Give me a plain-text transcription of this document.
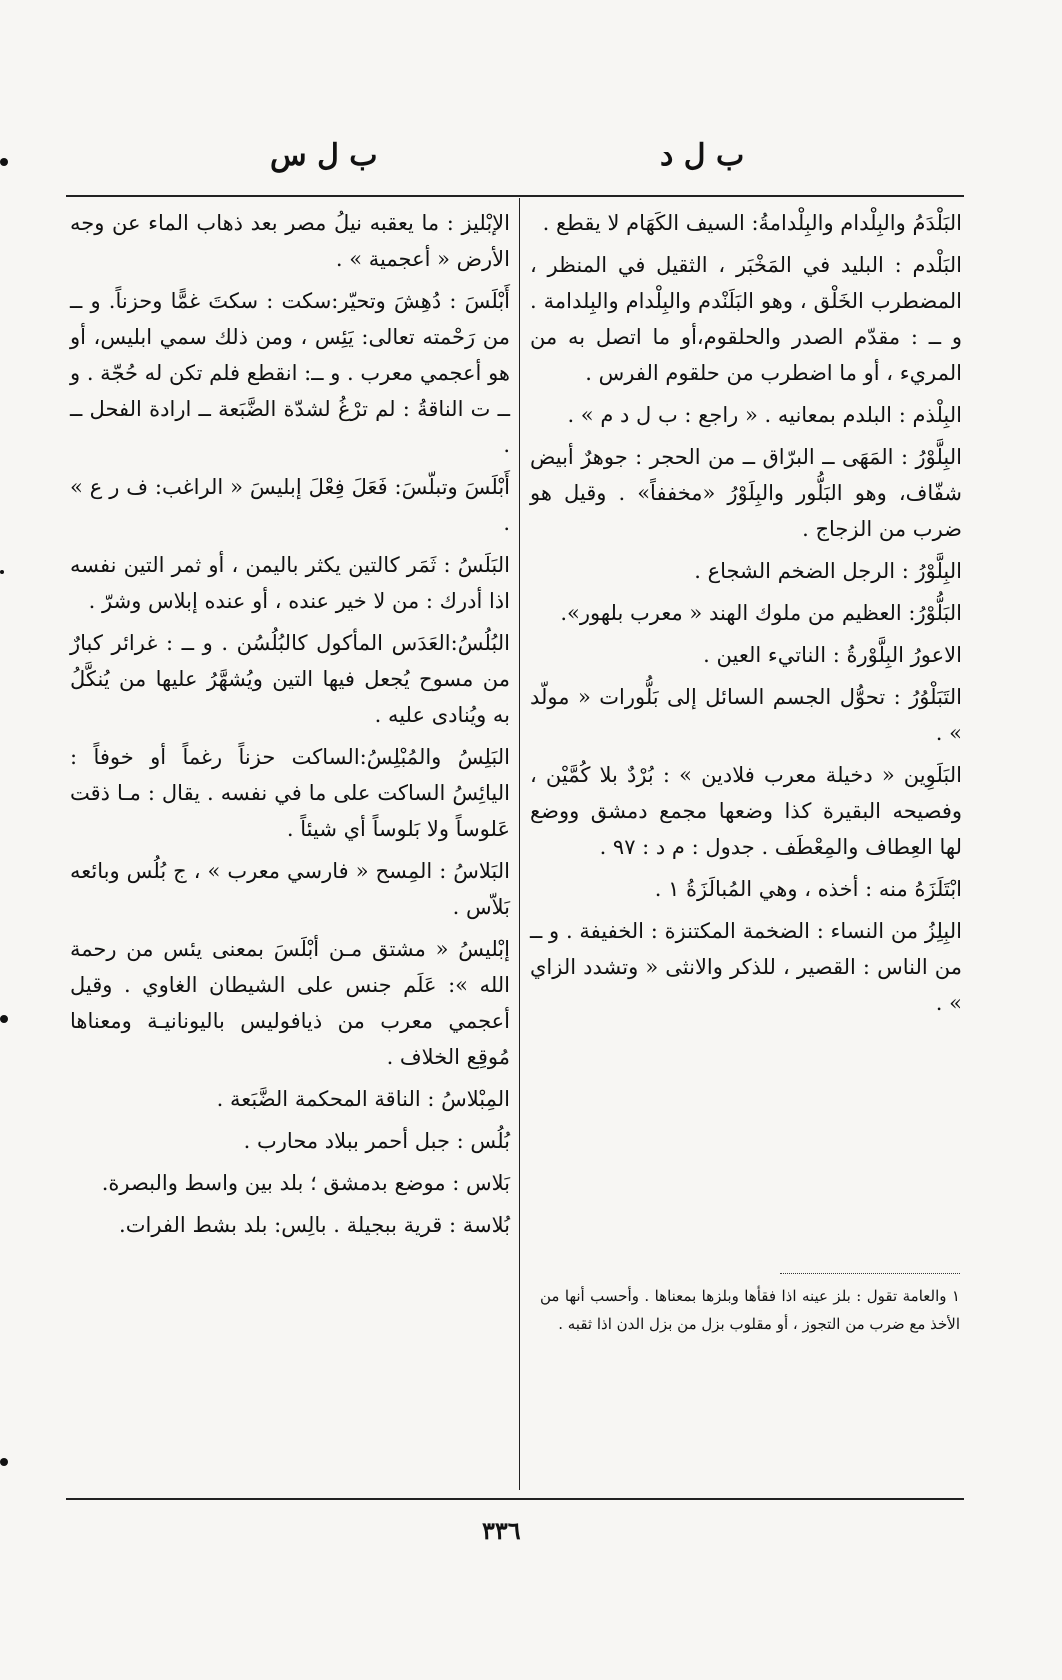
ب ل د
ب ل س

البَلْدَمُ والبِلْدام والبِلْدامةُ: السيف الكَهَام لا يقطع .

البَلْدم : البليد في المَخْبَر ، الثقيل في المنظر ، المضطرب الخَلْق ، وهو البَلَنْدم والبِلْدام والبِلدامة . و ــ : مقدّم الصدر والحلقوم،أو ما اتصل به من المريء ، أو ما اضطرب من حلقوم الفرس .

البِلْذم : البلدم بمعانيه . « راجع : ب ل د م » .

البِلَّوْرُ : المَهَى ــ البرّاق ــ من الحجر : جوهرٌ أبيض شفّاف، وهو البَلُّور والبِلَوْرُ «مخففاً» . وقيل هو ضرب من الزجاج .

البِلَّوْرُ : الرجل الضخم الشجاع .

البَلُّوْرُ: العظيم من ملوك الهند « معرب بلهور».

الاعورُ البِلَّوْرةُ : الناتيء العين .

التَبَلْوُرُ : تحوُّل الجسم السائل إلى بَلُّورات « مولّد » .

البَلَوِين « دخيلة معرب فلادين » : بُرْدٌ بلا كُمَّيْن ، وفصيحه البقيرة كذا وضعها مجمع دمشق ووضع لها العِطاف والمِعْطَف . جدول : م د : ٩٧ .

ابْتَلَزَهُ منه : أخذه ، وهي المُبالَزَةُ ١ .

البِلِزُ من النساء : الضخمة المكتنزة : الخفيفة . و ــ من الناس : القصير ، للذكر والانثى « وتشدد الزاي » .

١ والعامة تقول : بلز عينه اذا فقأها وبلزها بمعناها . وأحسب أنها من الأخذ مع ضرب من التجوز ، أو مقلوب بزل من بزل الدن اذا ثقبه .

الإبْليز : ما يعقبه نيلُ مصر بعد ذهاب الماء عن وجه الأرض « أعجمية » .

أَبْلَسَ : دُهِشَ وتحيّر:سكت : سكتَ غمًّا وحزناً. و ــ من رَحْمته تعالى: يَئِس ، ومن ذلك سمي ابليس، أو هو أعجمي معرب . و ــ: انقطع فلم تكن له حُجّة . و ــ ت الناقةُ : لم ترْغُ لشدّة الضَّبَعة ــ ارادة الفحل ــ .

أَبْلَسَ وتبلّسَ: فَعَلَ فِعْلَ إبليسَ « الراغب: ف ر ع » .

البَلَسُ : ثَمَر كالتين يكثر باليمن ، أو ثمر التين نفسه اذا أدرك : من لا خير عنده ، أو عنده إبلاس وشرّ .

البُلُسُ:العَدَس المأكول كالبُلُسُن . و ــ : غرائر كبارٌ من مسوح يُجعل فيها التين ويُشهَّرُ عليها من يُنكَّلُ به ويُنادى عليه .

البَلِسُ والمُبْلِسُ:الساكت حزناً رغماً أو خوفاً : اليائِسُ الساكت على ما في نفسه . يقال : مـا ذقت عَلوساً ولا بَلوساً أي شيئاً .

البَلاسُ : المِسح « فارسي معرب » ، ج بُلُس وبائعه بَلاّس .

إبْليسُ « مشتق مـن أبْلَسَ بمعنى يئس من رحمة الله »: عَلَم جنس على الشيطان الغاوي . وقيل أعجمي معرب من ذيافوليس باليونانيـة ومعناها مُوقِع الخلاف .

المِبْلاسُ : الناقة المحكمة الضَّبَعة .

بُلُس : جبل أحمر ببلاد محارب .

بَلاس : موضع بدمشق ؛ بلد بين واسط والبصرة.

بُلاسة : قرية ببجيلة . بالِس: بلد بشط الفرات.

٣٣٦
